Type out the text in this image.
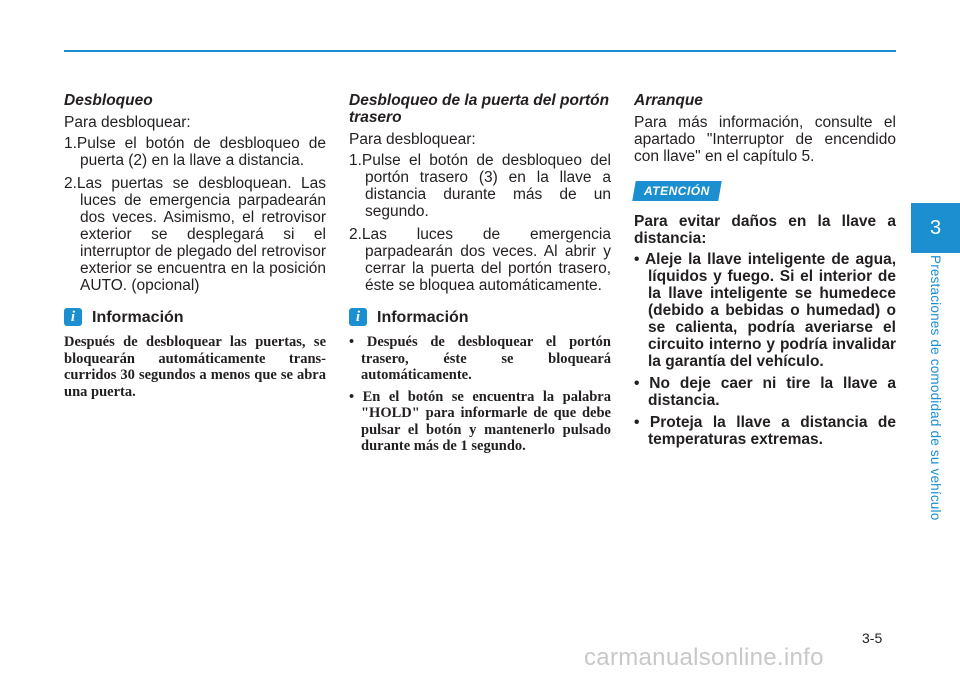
Desbloqueo

Para desbloquear:

1.Pulse el botón de desbloqueo de puerta (2) en la llave a distancia.
2.Las puertas se desbloquean. Las luces de emergencia parpadearán dos veces. Asimismo, el retrovisor exterior se desplegará si el interruptor de plegado del retrovisor exterior se encuentra en la posición AUTO. (opcional)
i	Información

Después de desbloquear las puertas, se bloquearán automáticamente trans-curridos 30 segundos a menos que se abra una puerta.

Desbloqueo de la puerta del portón trasero

Para desbloquear:

1.Pulse el botón de desbloqueo del portón trasero (3) en la llave a distancia durante más de un segundo.
2.Las luces de emergencia parpadearán dos veces. Al abrir y cerrar la puerta del portón trasero, éste se bloquea automáticamente.
i	Información
• Después de desbloquear el portón trasero, éste se bloqueará automáticamente.
• En el botón se encuentra la palabra "HOLD" para informarle de que debe pulsar el botón y mantenerlo pulsado durante más de 1 segundo.
Arranque

Para más información, consulte el apartado "Interruptor de encendido con llave" en el capítulo 5.

ATENCIÓN

Para evitar daños en la llave a distancia:

• Aleje la llave inteligente de agua, líquidos y fuego. Si el interior de la llave inteligente se humedece (debido a bebidas o humedad) o se calienta, podría averiarse el circuito interno y podría invalidar la garantía del vehículo.
• No deje caer ni tire la llave a distancia.
• Proteja la llave a distancia de temperaturas extremas.
3
Prestaciones de comodidad de su vehículo
3-5
carmanualsonline.info
